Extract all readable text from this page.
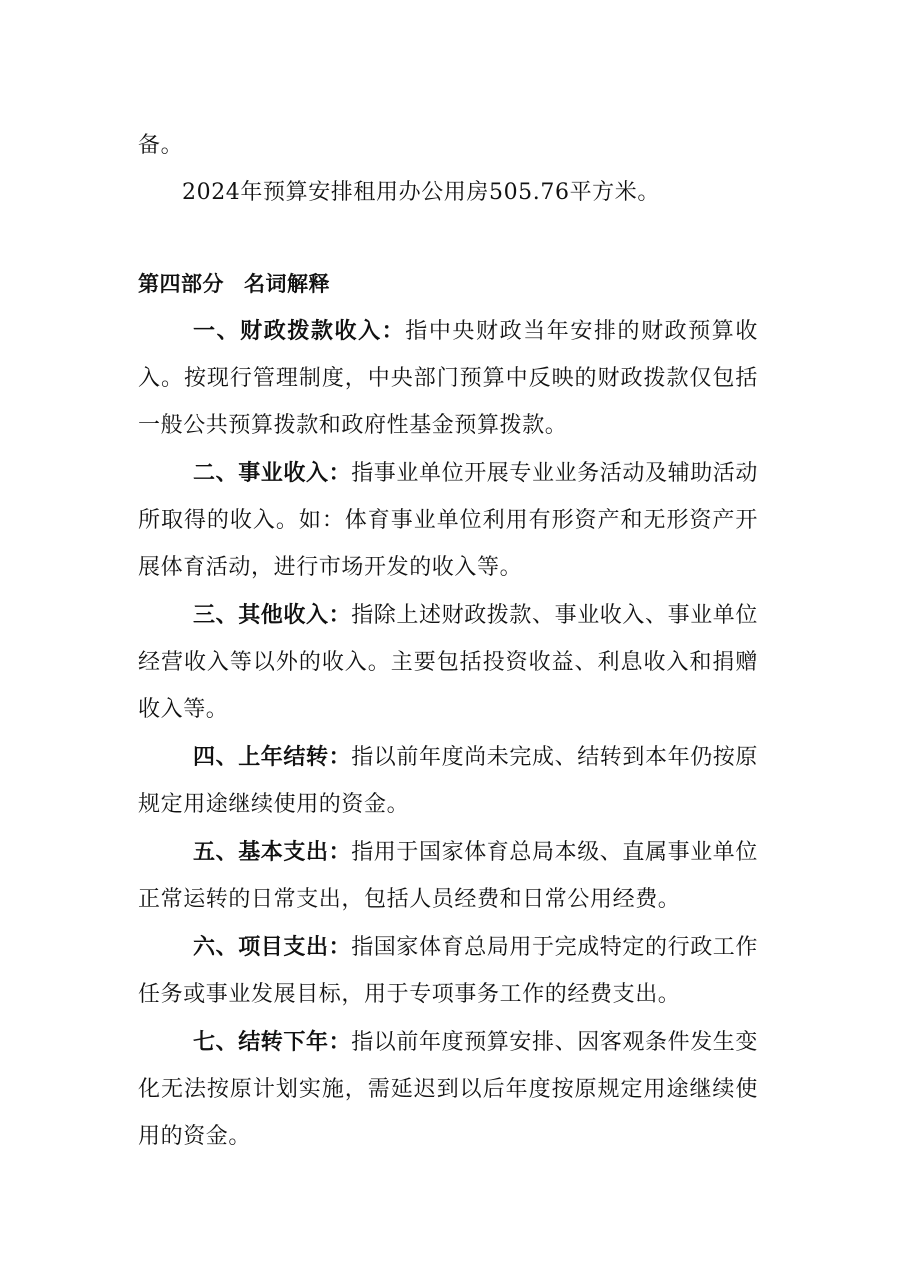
备。

2024年预算安排租用办公用房505.76平方米。

第四部分 名词解释

一、财政拨款收入：指中央财政当年安排的财政预算收入。按现行管理制度，中央部门预算中反映的财政拨款仅包括一般公共预算拨款和政府性基金预算拨款。

二、事业收入：指事业单位开展专业业务活动及辅助活动所取得的收入。如：体育事业单位利用有形资产和无形资产开展体育活动，进行市场开发的收入等。

三、其他收入：指除上述财政拨款、事业收入、事业单位经营收入等以外的收入。主要包括投资收益、利息收入和捐赠收入等。

四、上年结转：指以前年度尚未完成、结转到本年仍按原规定用途继续使用的资金。

五、基本支出：指用于国家体育总局本级、直属事业单位正常运转的日常支出，包括人员经费和日常公用经费。

六、项目支出：指国家体育总局用于完成特定的行政工作任务或事业发展目标，用于专项事务工作的经费支出。

七、结转下年：指以前年度预算安排、因客观条件发生变化无法按原计划实施，需延迟到以后年度按原规定用途继续使用的资金。
